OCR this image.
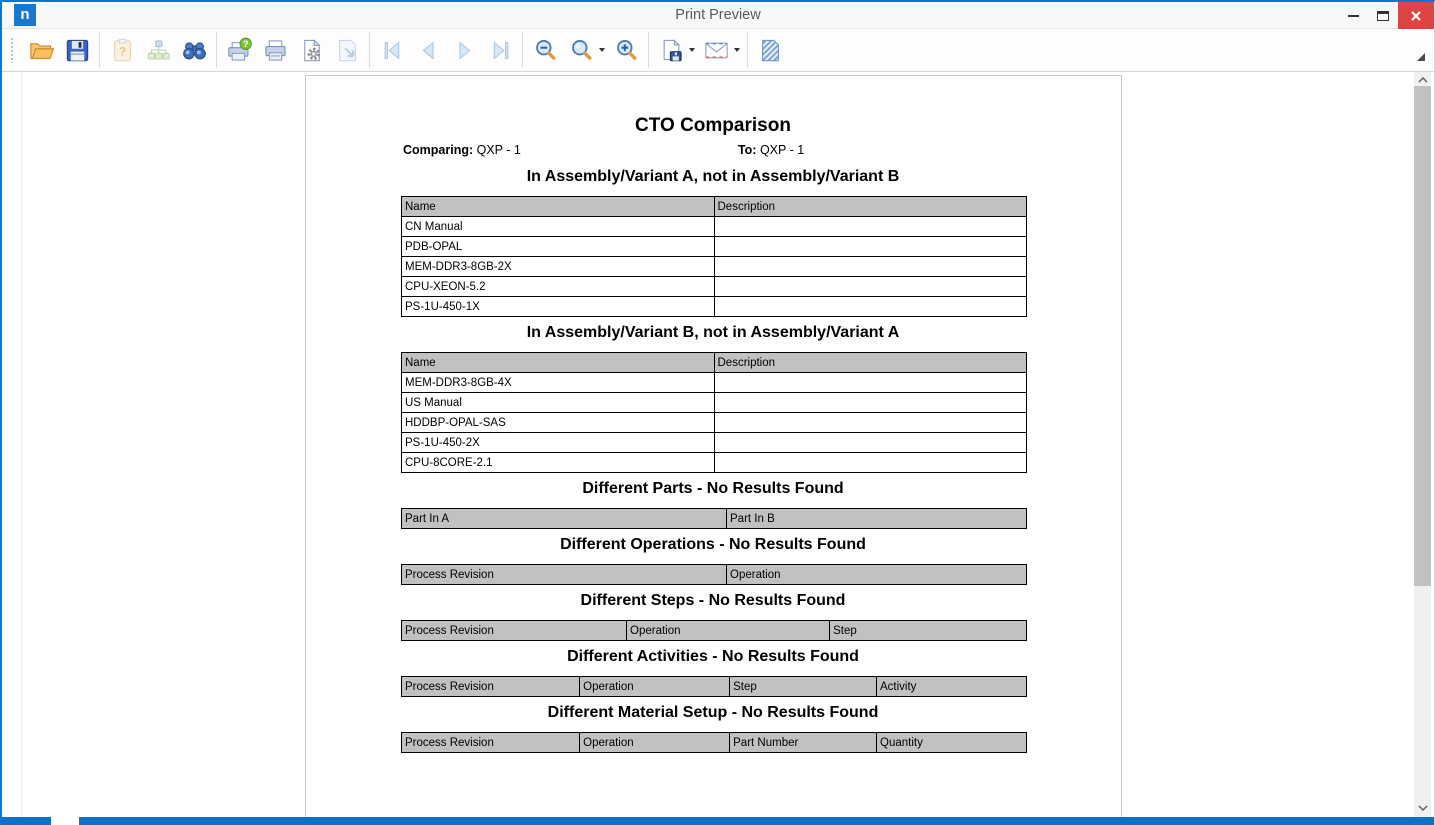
n	Print Preview
?
?
CTO Comparison
Comparing: QXP - 1	To: QXP - 1
In Assembly/Variant A, not in Assembly/Variant B
Name	Description
CN Manual	
PDB-OPAL	
MEM-DDR3-8GB-2X	
CPU-XEON-5.2	
PS-1U-450-1X	
In Assembly/Variant B, not in Assembly/Variant A
Name	Description
MEM-DDR3-8GB-4X	
US Manual	
HDDBP-OPAL-SAS	
PS-1U-450-2X	
CPU-8CORE-2.1	
Different Parts - No Results Found
Part In A	Part In B
Different Operations - No Results Found
Process Revision	Operation
Different Steps - No Results Found
Process Revision	Operation	Step
Different Activities - No Results Found
Process Revision	Operation	Step	Activity
Different Material Setup - No Results Found
Process Revision	Operation	Part Number	Quantity
